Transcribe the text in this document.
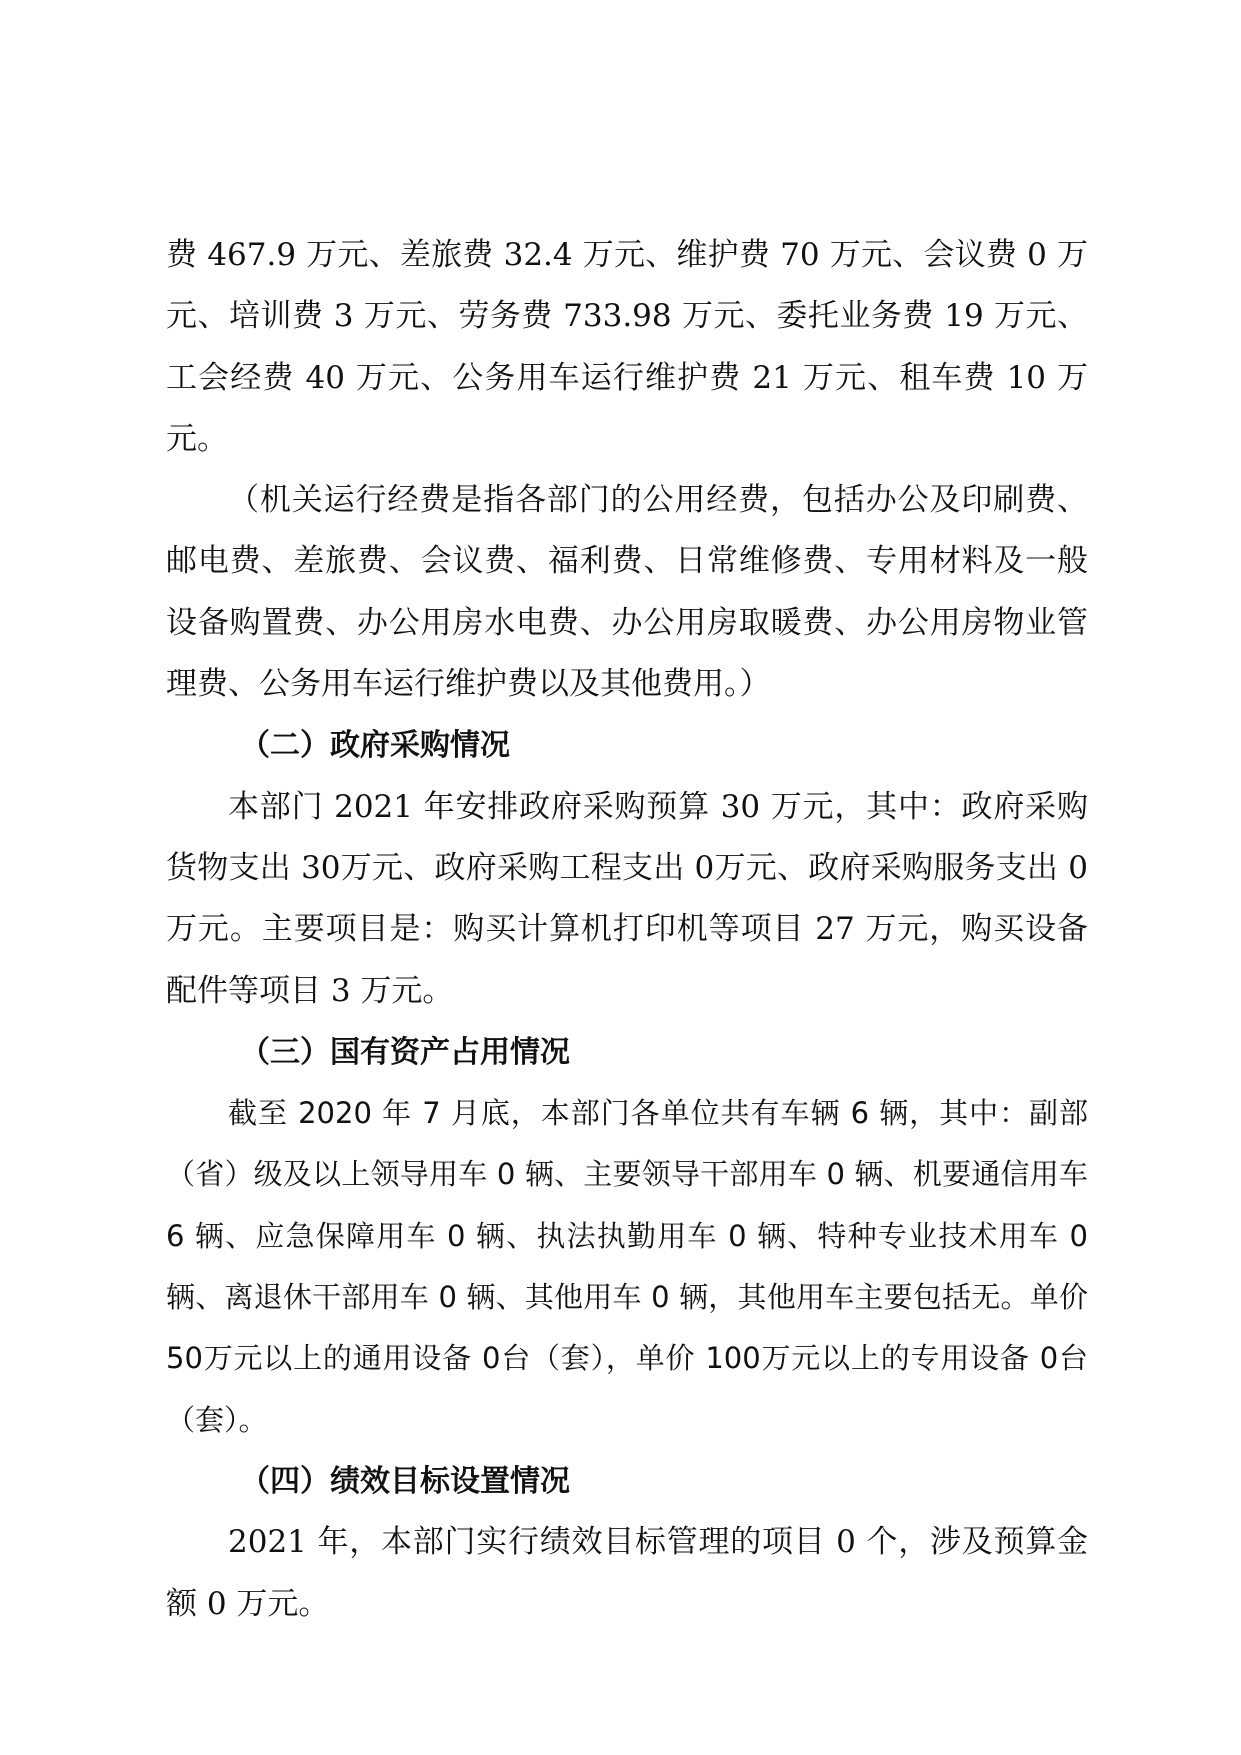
费 467.9 万元、差旅费 32.4 万元、维护费 70 万元、会议费 0 万元、培训费 3 万元、劳务费 733.98 万元、委托业务费 19 万元、工会经费 40 万元、公务用车运行维护费 21 万元、租车费 10 万元。

（机关运行经费是指各部门的公用经费，包括办公及印刷费、邮电费、差旅费、会议费、福利费、日常维修费、专用材料及一般设备购置费、办公用房水电费、办公用房取暖费、办公用房物业管理费、公务用车运行维护费以及其他费用。）

（二）政府采购情况

本部门 2021 年安排政府采购预算 30 万元，其中：政府采购货物支出 30万元、政府采购工程支出 0万元、政府采购服务支出 0万元。主要项目是：购买计算机打印机等项目 27 万元，购买设备配件等项目 3 万元。

（三）国有资产占用情况

截至 2020 年 7 月底，本部门各单位共有车辆 6 辆，其中：副部（省）级及以上领导用车 0 辆、主要领导干部用车 0 辆、机要通信用车 6 辆、应急保障用车 0 辆、执法执勤用车 0 辆、特种专业技术用车 0 辆、离退休干部用车 0 辆、其他用车 0 辆，其他用车主要包括无。单价 50万元以上的通用设备 0台（套），单价 100万元以上的专用设备 0台（套）。

（四）绩效目标设置情况

2021 年，本部门实行绩效目标管理的项目 0 个，涉及预算金额 0 万元。
